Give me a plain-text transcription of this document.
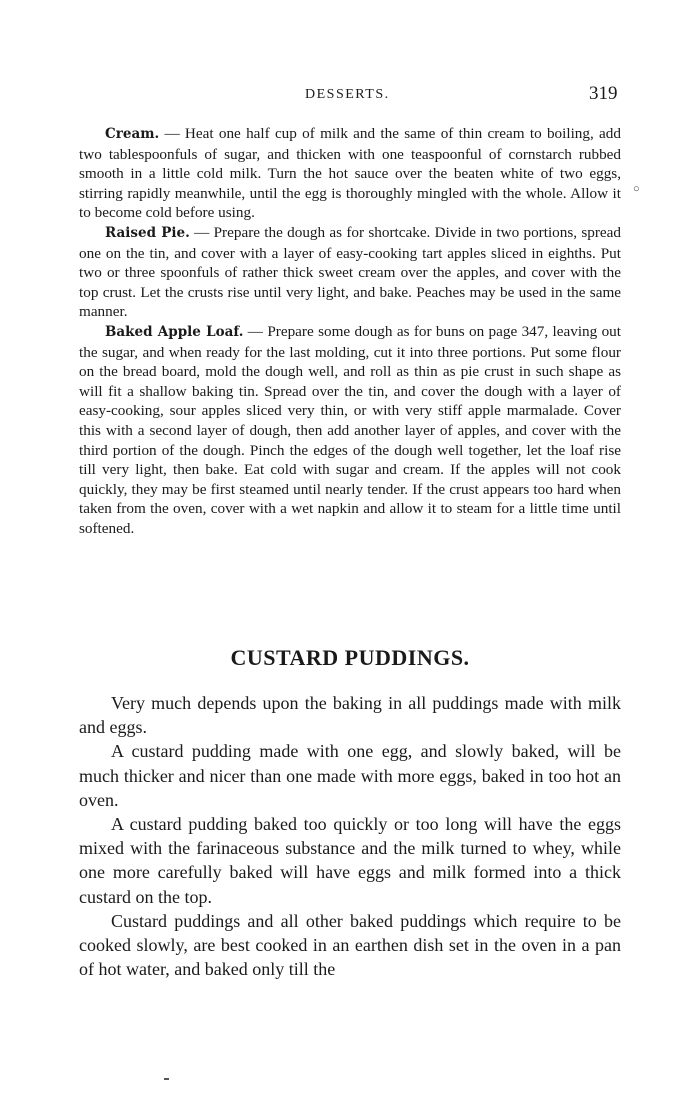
DESSERTS.	319
○

Cream. — Heat one half cup of milk and the same of thin cream to boiling, add two tablespoonfuls of sugar, and thicken with one teaspoonful of cornstarch rubbed smooth in a little cold milk. Turn the hot sauce over the beaten white of two eggs, stirring rapidly meanwhile, until the egg is thoroughly mingled with the whole. Allow it to become cold before using.

Raised Pie. — Prepare the dough as for shortcake. Divide in two portions, spread one on the tin, and cover with a layer of easy-cooking tart apples sliced in eighths. Put two or three spoonfuls of rather thick sweet cream over the apples, and cover with the top crust. Let the crusts rise until very light, and bake. Peaches may be used in the same manner.

Baked Apple Loaf. — Prepare some dough as for buns on page 347, leaving out the sugar, and when ready for the last molding, cut it into three portions. Put some flour on the bread board, mold the dough well, and roll as thin as pie crust in such shape as will fit a shallow baking tin. Spread over the tin, and cover the dough with a layer of easy-cooking, sour apples sliced very thin, or with very stiff apple marmalade. Cover this with a second layer of dough, then add another layer of apples, and cover with the third portion of the dough. Pinch the edges of the dough well together, let the loaf rise till very light, then bake. Eat cold with sugar and cream. If the apples will not cook quickly, they may be first steamed until nearly tender. If the crust appears too hard when taken from the oven, cover with a wet napkin and allow it to steam for a little time until softened.

CUSTARD PUDDINGS.

Very much depends upon the baking in all puddings made with milk and eggs.

A custard pudding made with one egg, and slowly baked, will be much thicker and nicer than one made with more eggs, baked in too hot an oven.

A custard pudding baked too quickly or too long will have the eggs mixed with the farinaceous substance and the milk turned to whey, while one more carefully baked will have eggs and milk formed into a thick custard on the top.

Custard puddings and all other baked puddings which require to be cooked slowly, are best cooked in an earthen dish set in the oven in a pan of hot water, and baked only till the
